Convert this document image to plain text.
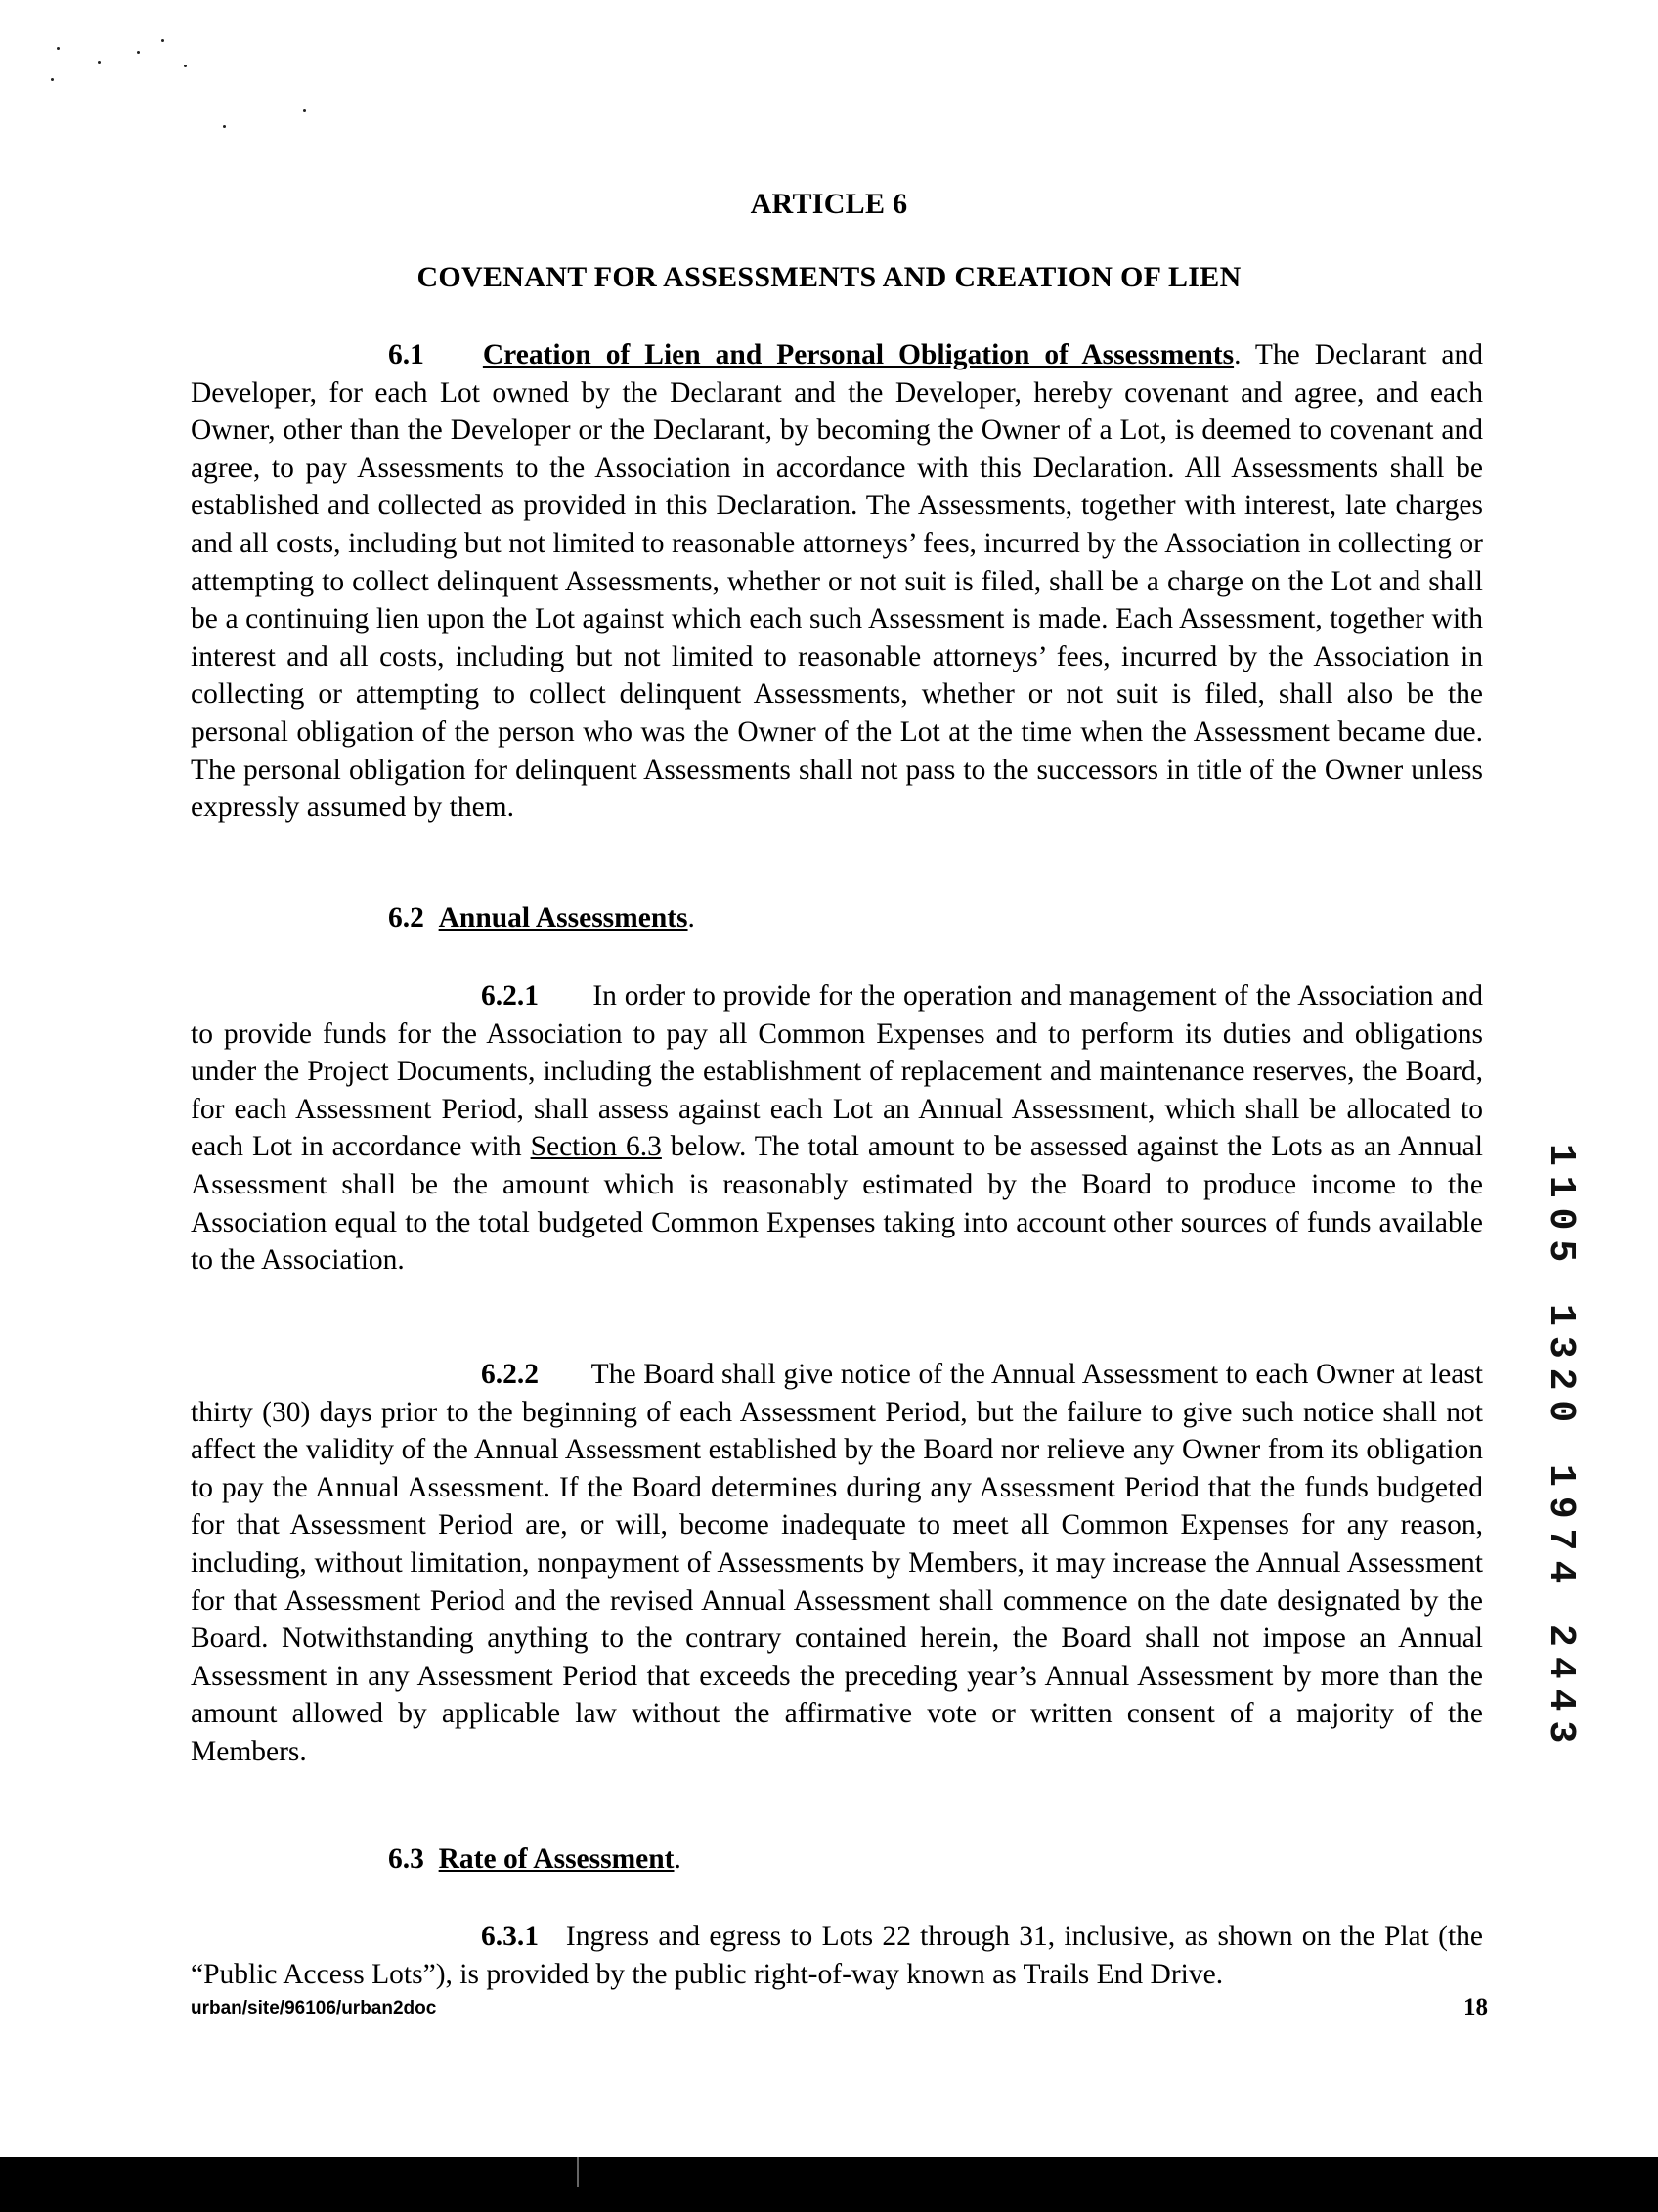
ARTICLE 6
COVENANT FOR ASSESSMENTS AND CREATION OF LIEN

6.1 Creation of Lien and Personal Obligation of Assessments. The Declarant and Developer, for each Lot owned by the Declarant and the Developer, hereby covenant and agree, and each Owner, other than the Developer or the Declarant, by becoming the Owner of a Lot, is deemed to covenant and agree, to pay Assessments to the Association in accordance with this Declaration. All Assessments shall be established and collected as provided in this Declaration. The Assessments, together with interest, late charges and all costs, including but not limited to reasonable attorneys’ fees, incurred by the Association in collecting or attempting to collect delinquent Assessments, whether or not suit is filed, shall be a charge on the Lot and shall be a continuing lien upon the Lot against which each such Assessment is made. Each Assessment, together with interest and all costs, including but not limited to reasonable attorneys’ fees, incurred by the Association in collecting or attempting to collect delinquent Assessments, whether or not suit is filed, shall also be the personal obligation of the person who was the Owner of the Lot at the time when the Assessment became due. The personal obligation for delinquent Assessments shall not pass to the successors in title of the Owner unless expressly assumed by them.

6.2 Annual Assessments.

6.2.1 In order to provide for the operation and management of the Association and to provide funds for the Association to pay all Common Expenses and to perform its duties and obligations under the Project Documents, including the establishment of replacement and maintenance reserves, the Board, for each Assessment Period, shall assess against each Lot an Annual Assessment, which shall be allocated to each Lot in accordance with Section 6.3 below. The total amount to be assessed against the Lots as an Annual Assessment shall be the amount which is reasonably estimated by the Board to produce income to the Association equal to the total budgeted Common Expenses taking into account other sources of funds available to the Association.

6.2.2 The Board shall give notice of the Annual Assessment to each Owner at least thirty (30) days prior to the beginning of each Assessment Period, but the failure to give such notice shall not affect the validity of the Annual Assessment established by the Board nor relieve any Owner from its obligation to pay the Annual Assessment. If the Board determines during any Assessment Period that the funds budgeted for that Assessment Period are, or will, become inadequate to meet all Common Expenses for any reason, including, without limitation, nonpayment of Assessments by Members, it may increase the Annual Assessment for that Assessment Period and the revised Annual Assessment shall commence on the date designated by the Board. Notwithstanding anything to the contrary contained herein, the Board shall not impose an Annual Assessment in any Assessment Period that exceeds the preceding year’s Annual Assessment by more than the amount allowed by applicable law without the affirmative vote or written consent of a majority of the Members.

6.3 Rate of Assessment.

6.3.1 Ingress and egress to Lots 22 through 31, inclusive, as shown on the Plat (the “Public Access Lots”), is provided by the public right-of-way known as Trails End Drive.

urban/site/96106/urban2doc	18
1105 1320 1974 2443
